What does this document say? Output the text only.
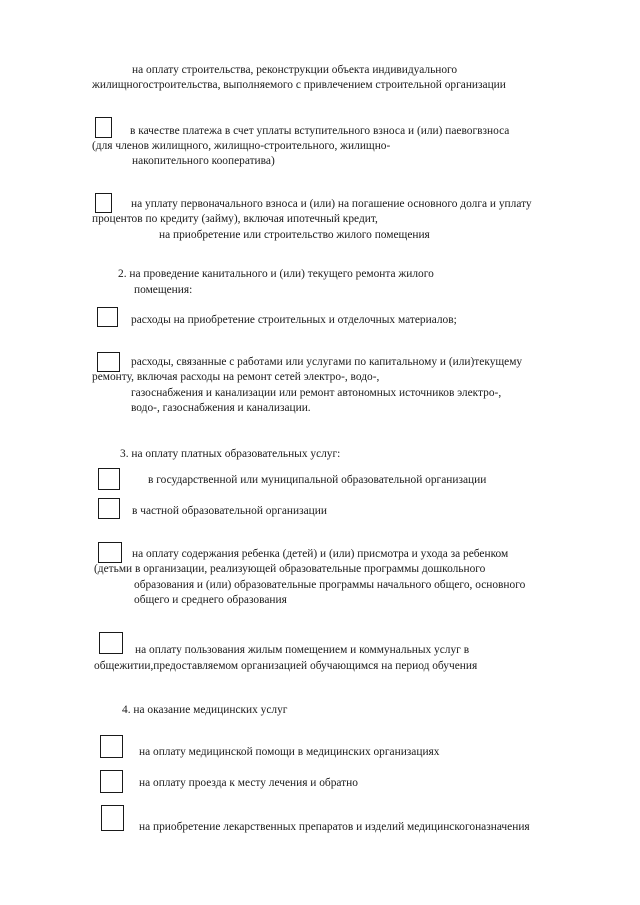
на оплату строительства, реконструкции объекта индивидуального
жилищногостроительства, выполняемого с привлечением строительной организации
в качестве платежа в счет уплаты вступительного взноса и (или) паевогвзноса
(для членов жилищного, жилищно-строительного, жилищно-
накопительного кооператива)
на уплату первоначального взноса и (или) на погашение основного долга и уплату
процентов по кредиту (займу), включая ипотечный кредит,
на приобретение или строительство жилого помещения
2. на проведение канитального и (или) текущего ремонта жилого
помещения:
расходы на приобретение строительных и отделочных материалов;
расходы, связанные с работами или услугами по капитальному и (или)текущему
ремонту, включая расходы на ремонт сетей электро-, водо-,
газоснабжения и канализации или ремонт автономных источников электро-,
водо-, газоснабжения и канализации.
3. на оплату платных образовательных услуг:
в государственной или муниципальной образовательной организации
в частной образовательной организации
на оплату содержания ребенка (детей) и (или) присмотра и ухода за ребенком
(детьми в организации, реализующей образовательные программы дошкольного
образования и (или) образовательные программы начального общего, основного
общего и среднего образования
на оплату пользования жилым помещением и коммунальных услуг в
общежитии,предоставляемом организацией обучающимся на период обучения
4. на оказание медицинских услуг
на оплату медицинской помощи в медицинских организациях
на оплату проезда к месту лечения и обратно
на приобретение лекарственных препаратов и изделий медицинскогоназначения
